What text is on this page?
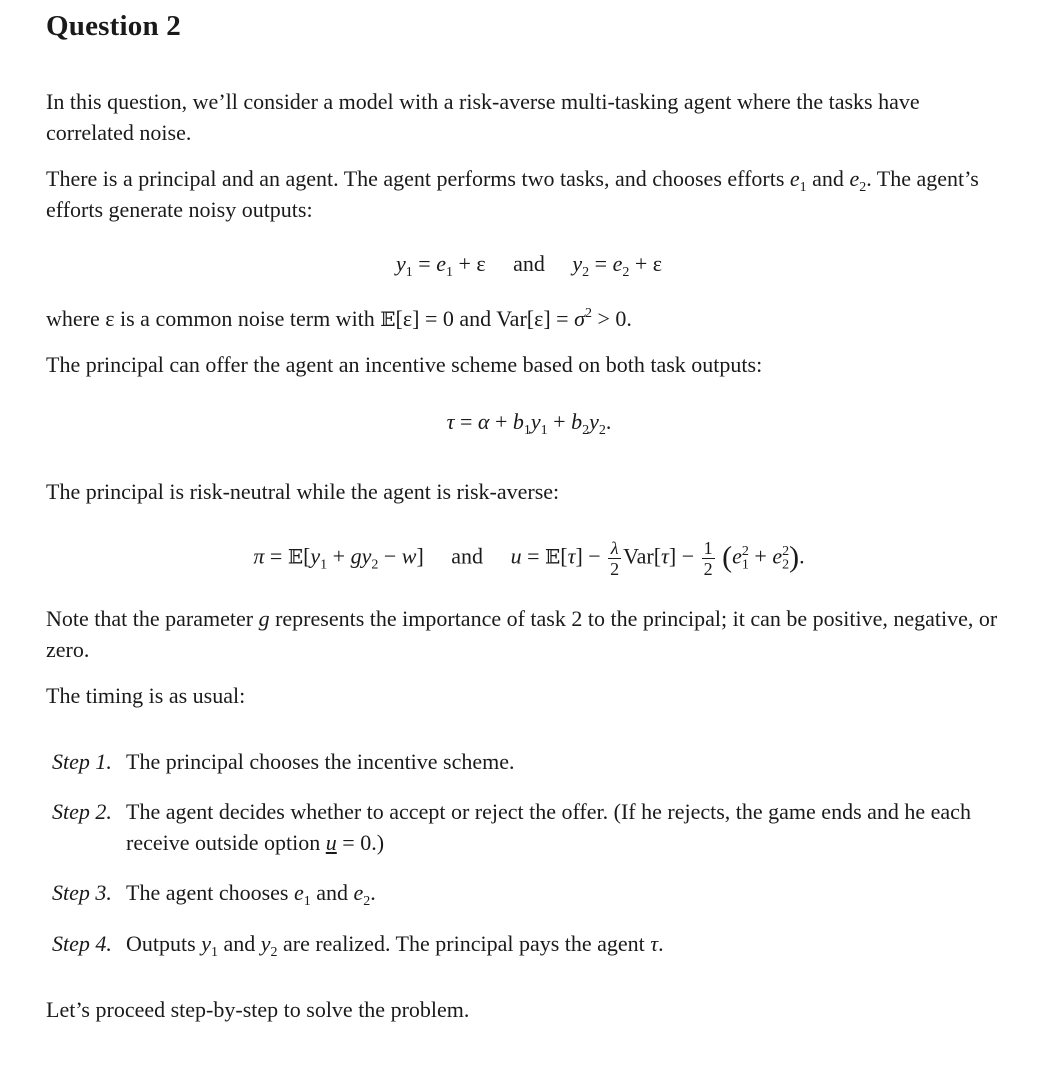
Question 2
In this question, we’ll consider a model with a risk-averse multi-tasking agent where the tasks have correlated noise.
There is a principal and an agent. The agent performs two tasks, and chooses efforts $e_1$ and $e_2$. The agent’s efforts generate noisy outputs:
$y_1 = e_1 + \varepsilon$ and $y_2 = e_2 + \varepsilon$
where ε is a common noise term with 𝔼[ε] = 0 and $Var[\varepsilon] = \sigma^2 > 0$.
The principal can offer the agent an incentive scheme based on both task outputs:
$\tau = \alpha + b_1y_1 + b_2y_2$.
The principal is risk-neutral while the agent is risk-averse:
$\pi = 𝔼[y_1 + gy_2 - w]$ and u = 𝔼[τ] − $\frac{\lambda}{2} Var[\tau] - \frac{1}{2} (e_1^2 + e_2^2)$.
Note that the parameter g represents the importance of task 2 to the principal; it can be positive, negative, or zero.
The timing is as usual:
Step 1. The principal chooses the incentive scheme.
Step 2. The agent decides whether to accept or reject the offer. (If he rejects, the game ends and he each receive outside option u = 0.)
Step 3. The agent chooses $e_1$ and $e_2$.
Step 4. Outputs $y_1$ and $y_2$ are realized. The principal pays the agent τ.
Let’s proceed step-by-step to solve the problem.
